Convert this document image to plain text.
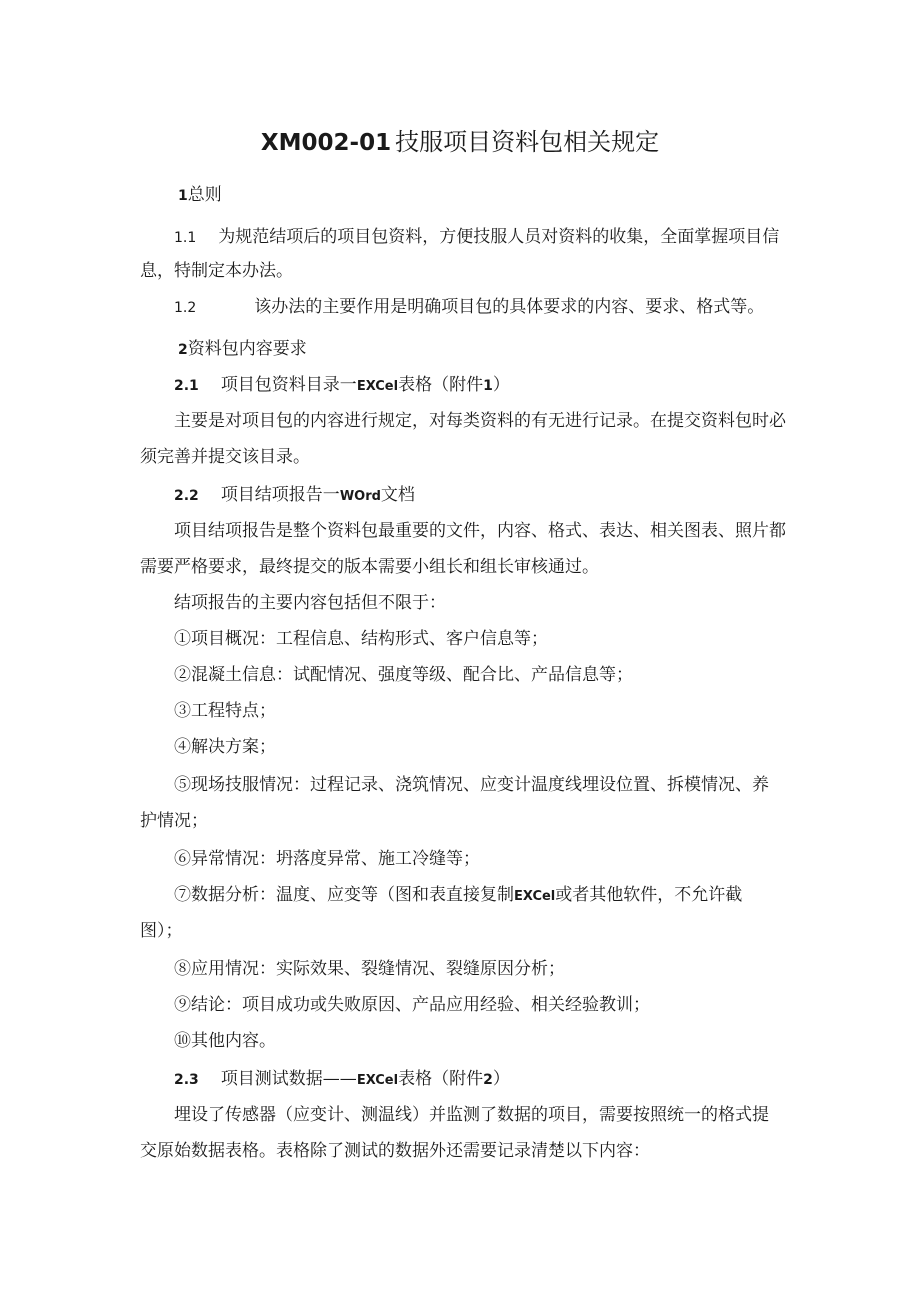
XM002-01 技服项目资料包相关规定
1总则
1.1 为规范结项后的项目包资料，方便技服人员对资料的收集，全面掌握项目信
息，特制定本办法。
1.2	该办法的主要作用是明确项目包的具体要求的内容、要求、格式等。
2资料包内容要求
2.1 项目包资料目录一EXCel表格（附件1）
主要是对项目包的内容进行规定，对每类资料的有无进行记录。在提交资料包时必
须完善并提交该目录。
2.2 项目结项报告一WOrd文档
项目结项报告是整个资料包最重要的文件，内容、格式、表达、相关图表、照片都
需要严格要求，最终提交的版本需要小组长和组长审核通过。
结项报告的主要内容包括但不限于：
①项目概况：工程信息、结构形式、客户信息等；
②混凝土信息：试配情况、强度等级、配合比、产品信息等；
③工程特点；
④解决方案；
⑤现场技服情况：过程记录、浇筑情况、应变计温度线埋设位置、拆模情况、养
护情况；
⑥异常情况：坍落度异常、施工冷缝等；
⑦数据分析：温度、应变等（图和表直接复制EXCel或者其他软件，不允许截
图）；
⑧应用情况：实际效果、裂缝情况、裂缝原因分析；
⑨结论：项目成功或失败原因、产品应用经验、相关经验教训；
⑩其他内容。
2.3 项目测试数据——EXCel表格（附件2）
埋设了传感器（应变计、测温线）并监测了数据的项目，需要按照统一的格式提
交原始数据表格。表格除了测试的数据外还需要记录清楚以下内容：
